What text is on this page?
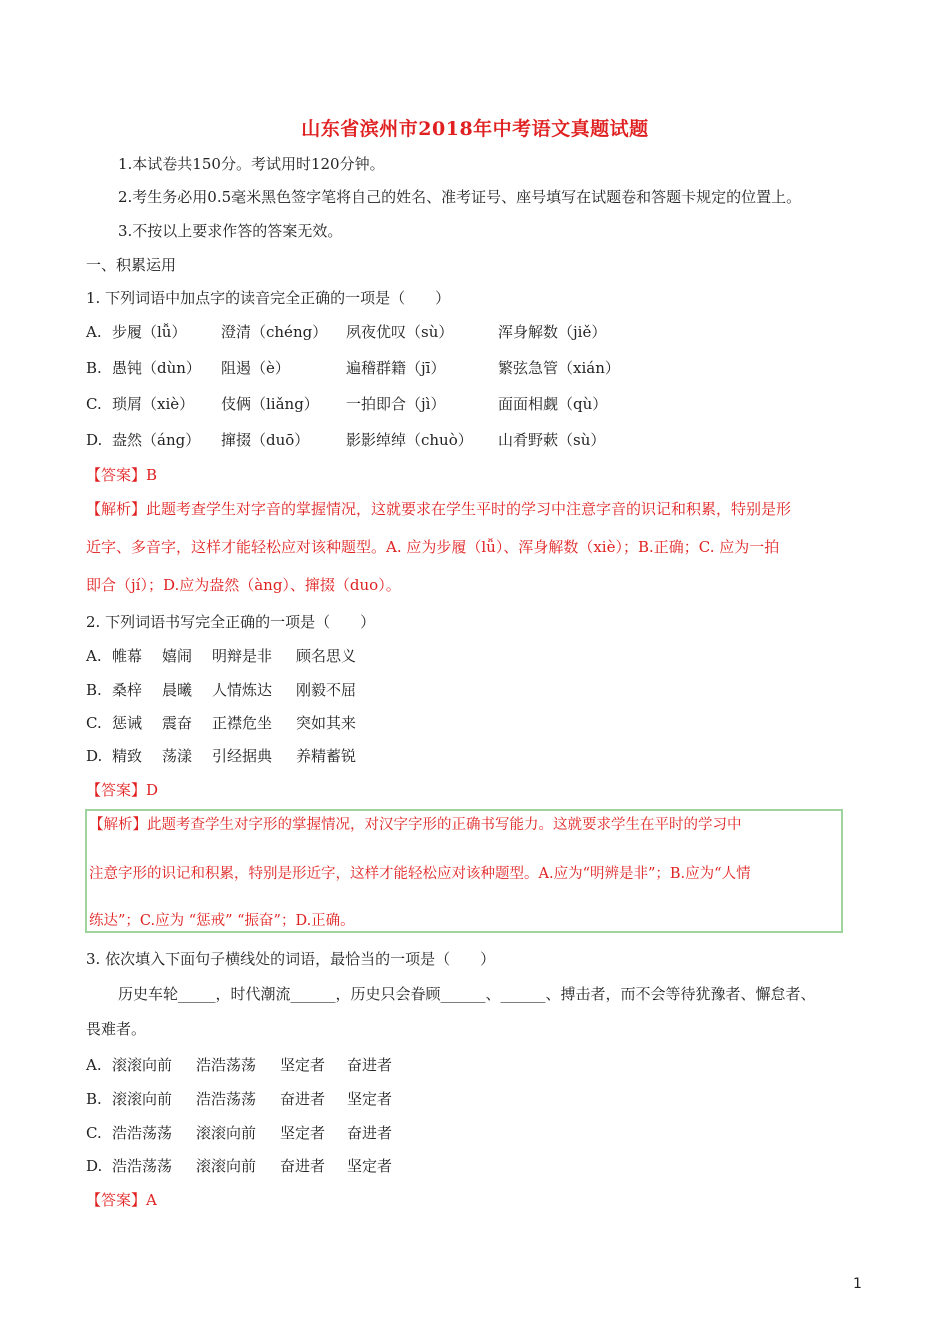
山东省滨州市2018年中考语文真题试题
1.本试卷共150分。考试用时120分钟。
2.考生务必用0.5毫米黑色签字笔将自己的姓名、准考证号、座号填写在试题卷和答题卡规定的位置上。
3.不按以上要求作答的答案无效。
一、积累运用
1. 下列词语中加点字的读音完全正确的一项是（　　）
A. 步履（lǚ） 澄清（chéng） 夙夜优叹（sù）	浑身解数（jiě）
B. 愚钝（dùn） 阻遏（è）	遍稽群籍（jī）	繁弦急管（xián）
C. 琐屑（xiè） 伎俩（liǎng） 一拍即合（jì）	面面相觑（qù）
D. 盎然（áng） 撺掇（duō） 影影绰绰（chuò） 山肴野蔌（sù）
【答案】B
【解析】此题考查学生对字音的掌握情况，这就要求在学生平时的学习中注意字音的识记和积累，特别是形
近字、多音字，这样才能轻松应对该种题型。A. 应为步履（lǚ）、浑身解数（xiè）；B.正确；C. 应为一拍
即合（jí）；D.应为盎然（àng）、撺掇（duo）。
2. 下列词语书写完全正确的一项是（　　）
A. 帷幕 嬉闹 明辩是非 顾名思义
B. 桑梓 晨曦 人情炼达 刚毅不屈
C. 惩诫 震奋 正襟危坐 突如其来
D. 精致 荡漾 引经据典 养精蓄锐
【答案】D
【解析】此题考查学生对字形的掌握情况，对汉字字形的正确书写能力。这就要求学生在平时的学习中
注意字形的识记和积累，特别是形近字，这样才能轻松应对该种题型。A.应为“明辨是非”；B.应为“人情
练达”；C.应为 “惩戒” “振奋”；D.正确。
3. 依次填入下面句子横线处的词语，最恰当的一项是（　　）
历史车轮_____，时代潮流______，历史只会眷顾______、______、搏击者，而不会等待犹豫者、懈怠者、
畏难者。
A. 滚滚向前 浩浩荡荡 坚定者 奋进者
B. 滚滚向前 浩浩荡荡 奋进者 坚定者
C. 浩浩荡荡 滚滚向前 坚定者 奋进者
D. 浩浩荡荡 滚滚向前 奋进者 坚定者
【答案】A
1
